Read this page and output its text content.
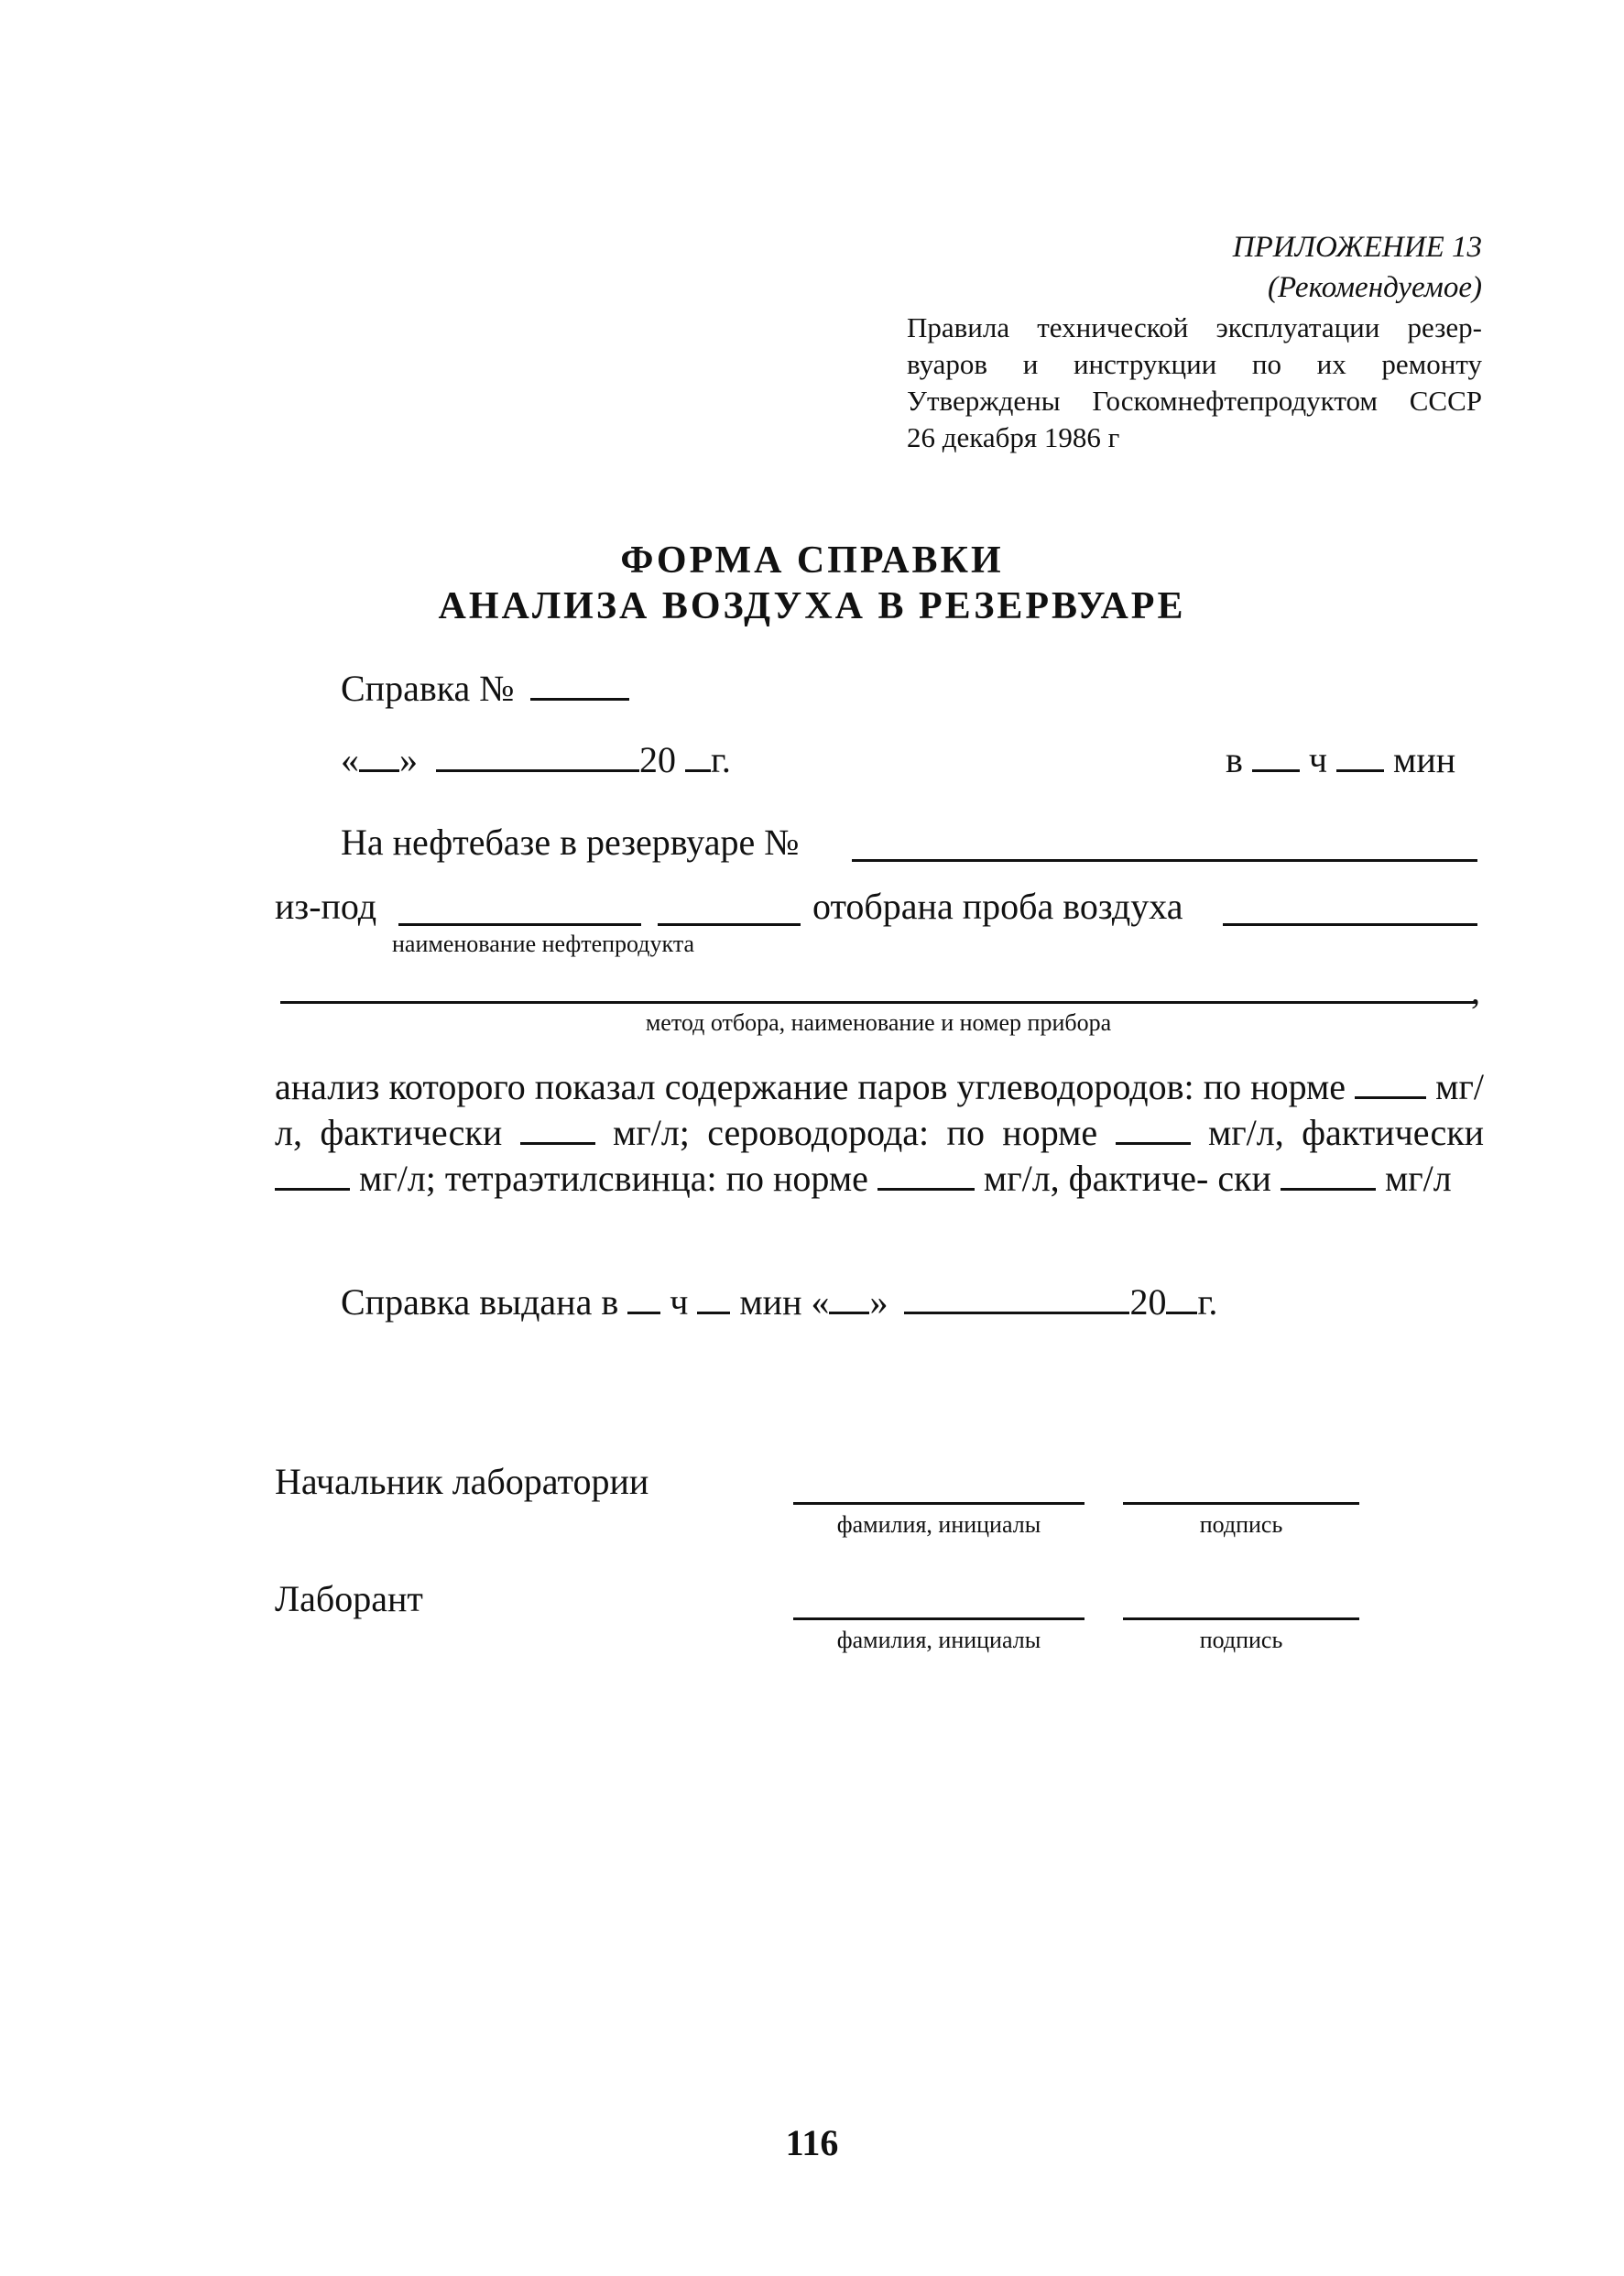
ПРИЛОЖЕНИЕ 13
(Рекомендуемое)
Правила технической эксплуатации резер-
вуаров и инструкции по их ремонту
Утверждены Госкомнефтепродуктом СССР
26 декабря 1986 г
ФОРМА СПРАВКИ
АНАЛИЗА ВОЗДУХА В РЕЗЕРВУАРЕ
Справка №
« »	20 г.	в ч мин
На нефтебазе в резервуаре №
из-под	отобрана проба воздуха
наименование нефтепродукта
,
метод отбора, наименование и номер прибора
анализ которого показал содержание паров углеводородов: по норме мг/л, фактически	мг/л; сероводорода: по норме	мг/л, фактически  мг/л; тетраэтилсвинца: по норме	мг/л, фактиче- ски	мг/л
Справка выдана в ч мин « »	20 г.
Начальник лаборатории
фамилия, инициалы	подпись
Лаборант
фамилия, инициалы	подпись
116
